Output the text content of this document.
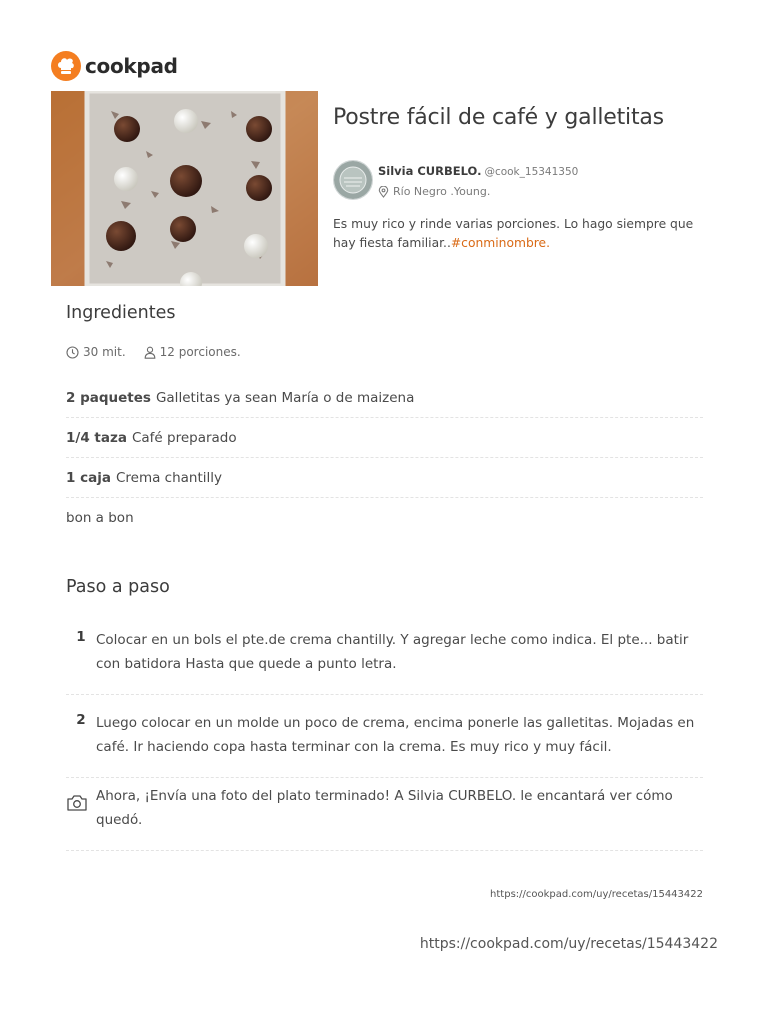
cookpad
Postre fácil de café y galletitas
Silvia CURBELO. @cook_15341350
Río Negro .Young.

Es muy rico y rinde varias porciones. Lo hago siempre que hay fiesta familiar..#conminombre.

Ingredientes
30 mit.	12 porciones.
2 paquetes Galletitas ya sean María o de maizena
1/4 taza Café preparado
1 caja Crema chantilly
bon a bon
Paso a paso
1 Colocar en un bols el pte.de crema chantilly. Y agregar leche como indica. El pte... batir con batidora Hasta que quede a punto letra.
2 Luego colocar en un molde un poco de crema, encima ponerle las galletitas. Mojadas en café. Ir haciendo copa hasta terminar con la crema. Es muy rico y muy fácil.
Ahora, ¡Envía una foto del plato terminado! A Silvia CURBELO. le encantará ver cómo quedó.
https://cookpad.com/uy/recetas/15443422
https://cookpad.com/uy/recetas/15443422
